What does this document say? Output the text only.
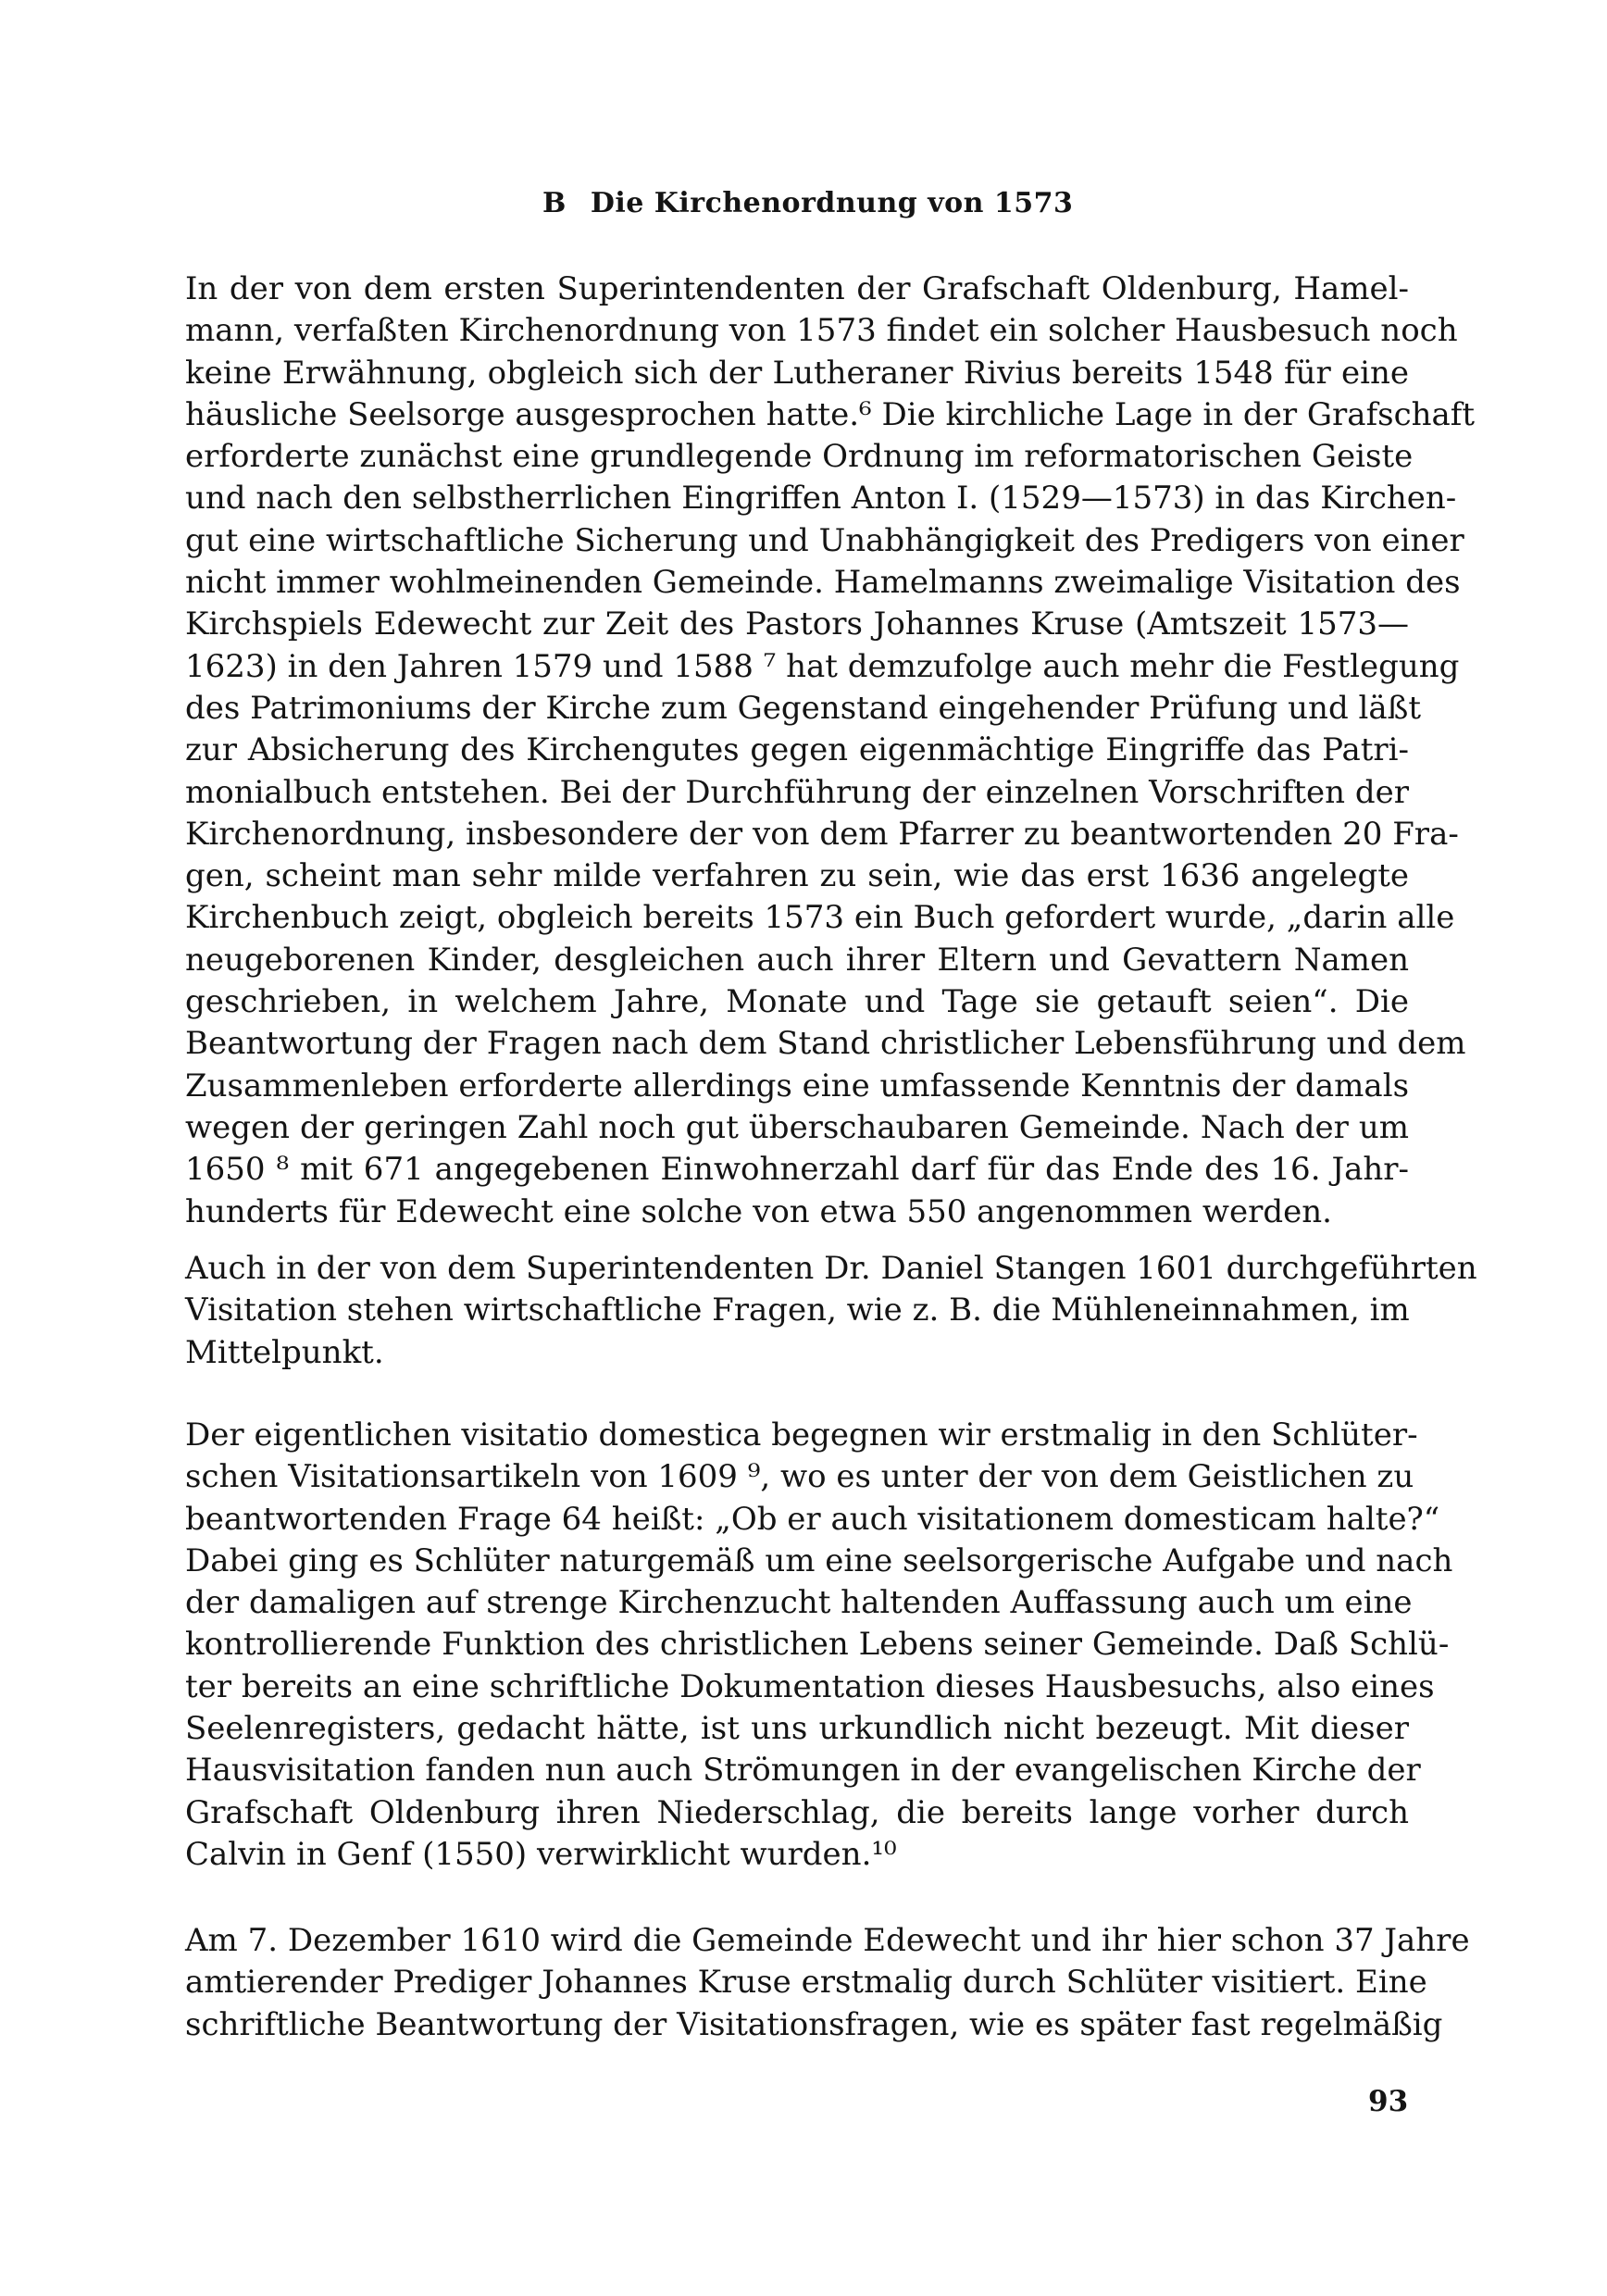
B Die Kirchenordnung von 1573
In der von dem ersten Superintendenten der Grafschaft Oldenburg, Hamel-
mann, verfaßten Kirchenordnung von 1573 findet ein solcher Hausbesuch noch
keine Erwähnung, obgleich sich der Lutheraner Rivius bereits 1548 für eine
häusliche Seelsorge ausgesprochen hatte.⁶ Die kirchliche Lage in der Grafschaft
erforderte zunächst eine grundlegende Ordnung im reformatorischen Geiste
und nach den selbstherrlichen Eingriffen Anton I. (1529—1573) in das Kirchen-
gut eine wirtschaftliche Sicherung und Unabhängigkeit des Predigers von einer
nicht immer wohlmeinenden Gemeinde. Hamelmanns zweimalige Visitation des
Kirchspiels Edewecht zur Zeit des Pastors Johannes Kruse (Amtszeit 1573—
1623) in den Jahren 1579 und 1588 ⁷ hat demzufolge auch mehr die Festlegung
des Patrimoniums der Kirche zum Gegenstand eingehender Prüfung und läßt
zur Absicherung des Kirchengutes gegen eigenmächtige Eingriffe das Patri-
monialbuch entstehen. Bei der Durchführung der einzelnen Vorschriften der
Kirchenordnung, insbesondere der von dem Pfarrer zu beantwortenden 20 Fra-
gen, scheint man sehr milde verfahren zu sein, wie das erst 1636 angelegte
Kirchenbuch zeigt, obgleich bereits 1573 ein Buch gefordert wurde, „darin alle
neugeborenen Kinder, desgleichen auch ihrer Eltern und Gevattern Namen
geschrieben, in welchem Jahre, Monate und Tage sie getauft seien“. Die
Beantwortung der Fragen nach dem Stand christlicher Lebensführung und dem
Zusammenleben erforderte allerdings eine umfassende Kenntnis der damals
wegen der geringen Zahl noch gut überschaubaren Gemeinde. Nach der um
1650 ⁸ mit 671 angegebenen Einwohnerzahl darf für das Ende des 16. Jahr-
hunderts für Edewecht eine solche von etwa 550 angenommen werden.
Auch in der von dem Superintendenten Dr. Daniel Stangen 1601 durchgeführten
Visitation stehen wirtschaftliche Fragen, wie z. B. die Mühleneinnahmen, im
Mittelpunkt.
Der eigentlichen visitatio domestica begegnen wir erstmalig in den Schlüter-
schen Visitationsartikeln von 1609 ⁹, wo es unter der von dem Geistlichen zu
beantwortenden Frage 64 heißt: „Ob er auch visitationem domesticam halte?“
Dabei ging es Schlüter naturgemäß um eine seelsorgerische Aufgabe und nach
der damaligen auf strenge Kirchenzucht haltenden Auffassung auch um eine
kontrollierende Funktion des christlichen Lebens seiner Gemeinde. Daß Schlü-
ter bereits an eine schriftliche Dokumentation dieses Hausbesuchs, also eines
Seelenregisters, gedacht hätte, ist uns urkundlich nicht bezeugt. Mit dieser
Hausvisitation fanden nun auch Strömungen in der evangelischen Kirche der
Grafschaft Oldenburg ihren Niederschlag, die bereits lange vorher durch
Calvin in Genf (1550) verwirklicht wurden.¹⁰
Am 7. Dezember 1610 wird die Gemeinde Edewecht und ihr hier schon 37 Jahre
amtierender Prediger Johannes Kruse erstmalig durch Schlüter visitiert. Eine
schriftliche Beantwortung der Visitationsfragen, wie es später fast regelmäßig
93
